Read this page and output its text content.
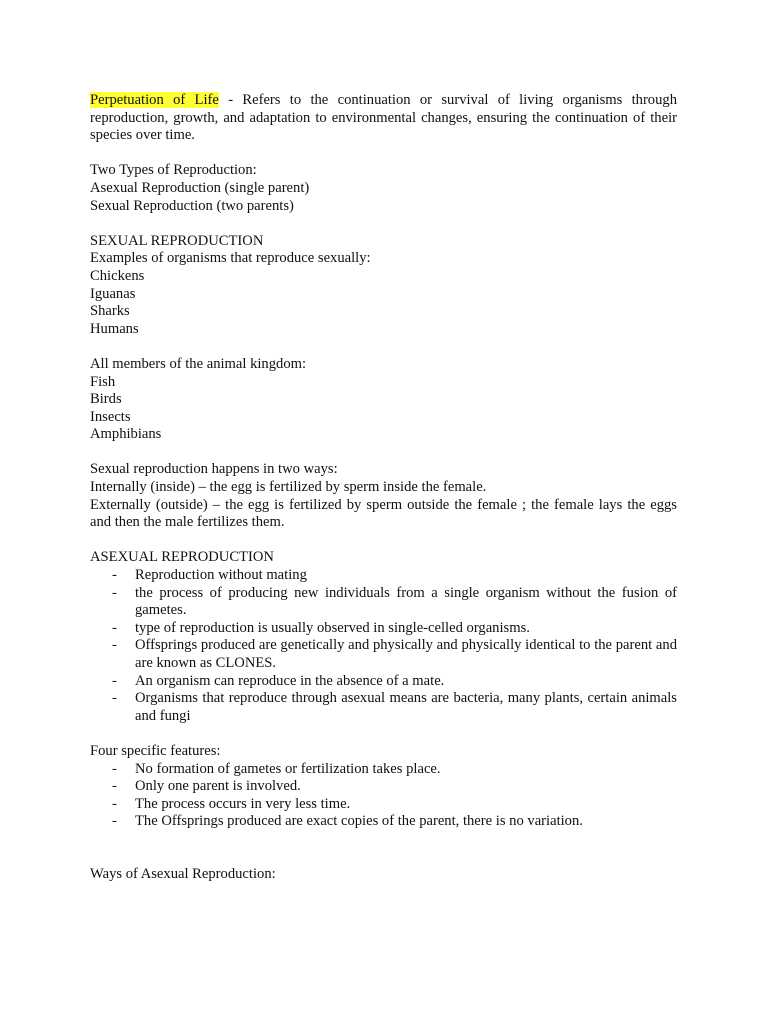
Perpetuation of Life - Refers to the continuation or survival of living organisms through reproduction, growth, and adaptation to environmental changes, ensuring the continuation of their species over time.

Two Types of Reproduction:

Asexual Reproduction (single parent)

Sexual Reproduction (two parents)

SEXUAL REPRODUCTION

Examples of organisms that reproduce sexually:

Chickens

Iguanas

Sharks

Humans

All members of the animal kingdom:

Fish

Birds

Insects

Amphibians

Sexual reproduction happens in two ways:

Internally (inside) – the egg is fertilized by sperm inside the female.

Externally (outside) – the egg is fertilized by sperm outside the female ; the female lays the eggs and then the male fertilizes them.

ASEXUAL REPRODUCTION

- Reproduction without mating
- the process of producing new individuals from a single organism without the fusion of gametes.
- type of reproduction is usually observed in single-celled organisms.
- Offsprings produced are genetically and physically and physically identical to the parent and are known as CLONES.
- An organism can reproduce in the absence of a mate.
- Organisms that reproduce through asexual means are bacteria, many plants, certain animals and fungi

Four specific features:

- No formation of gametes or fertilization takes place.
- Only one parent is involved.
- The process occurs in very less time.
- The Offsprings produced are exact copies of the parent, there is no variation.

Ways of Asexual Reproduction:
